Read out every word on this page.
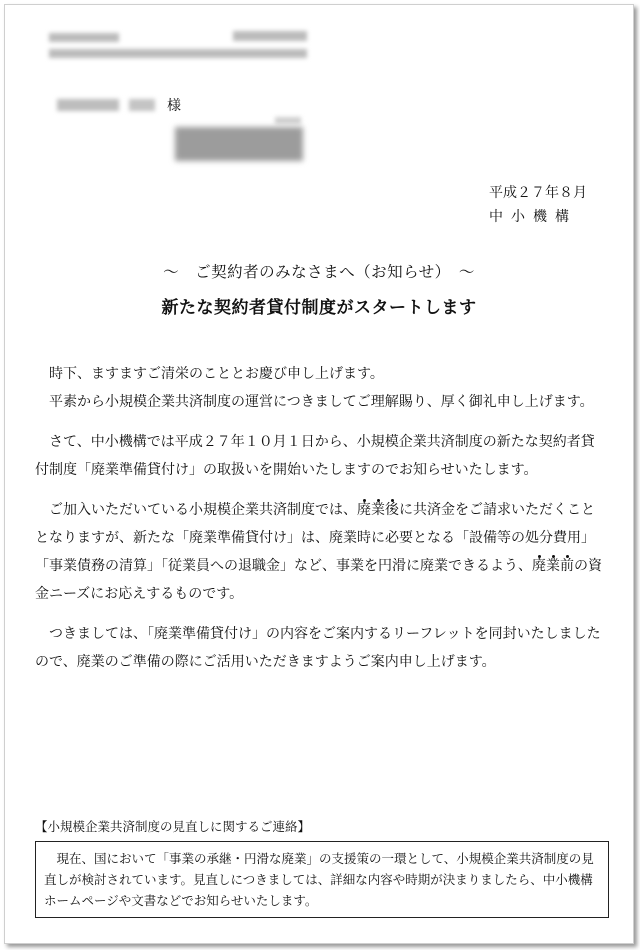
様
平成２７年８月
中小機構
～　ご契約者のみなさまへ（お知らせ）　～
新たな契約者貸付制度がスタートします

時下、ますますご清栄のこととお慶び申し上げます。

平素から小規模企業共済制度の運営につきましてご理解賜り、厚く御礼申し上げます。

さて、中小機構では平成２７年１０月１日から、小規模企業共済制度の新たな契約者貸付制度「廃業準備貸付け」の取扱いを開始いたしますのでお知らせいたします。

ご加入いただいている小規模企業共済制度では、廃業後に共済金をご請求いただくこととなりますが、新たな「廃業準備貸付け」は、廃業時に必要となる「設備等の処分費用」「事業債務の清算」「従業員への退職金」など、事業を円滑に廃業できるよう、廃業前の資金ニーズにお応えするものです。

つきましては、「廃業準備貸付け」の内容をご案内するリーフレットを同封いたしましたので、廃業のご準備の際にご活用いただきますようご案内申し上げます。

【小規模企業共済制度の見直しに関するご連絡】

現在、国において「事業の承継・円滑な廃業」の支援策の一環として、小規模企業共済制度の見直しが検討されています。見直しにつきましては、詳細な内容や時期が決まりましたら、中小機構ホームページや文書などでお知らせいたします。
